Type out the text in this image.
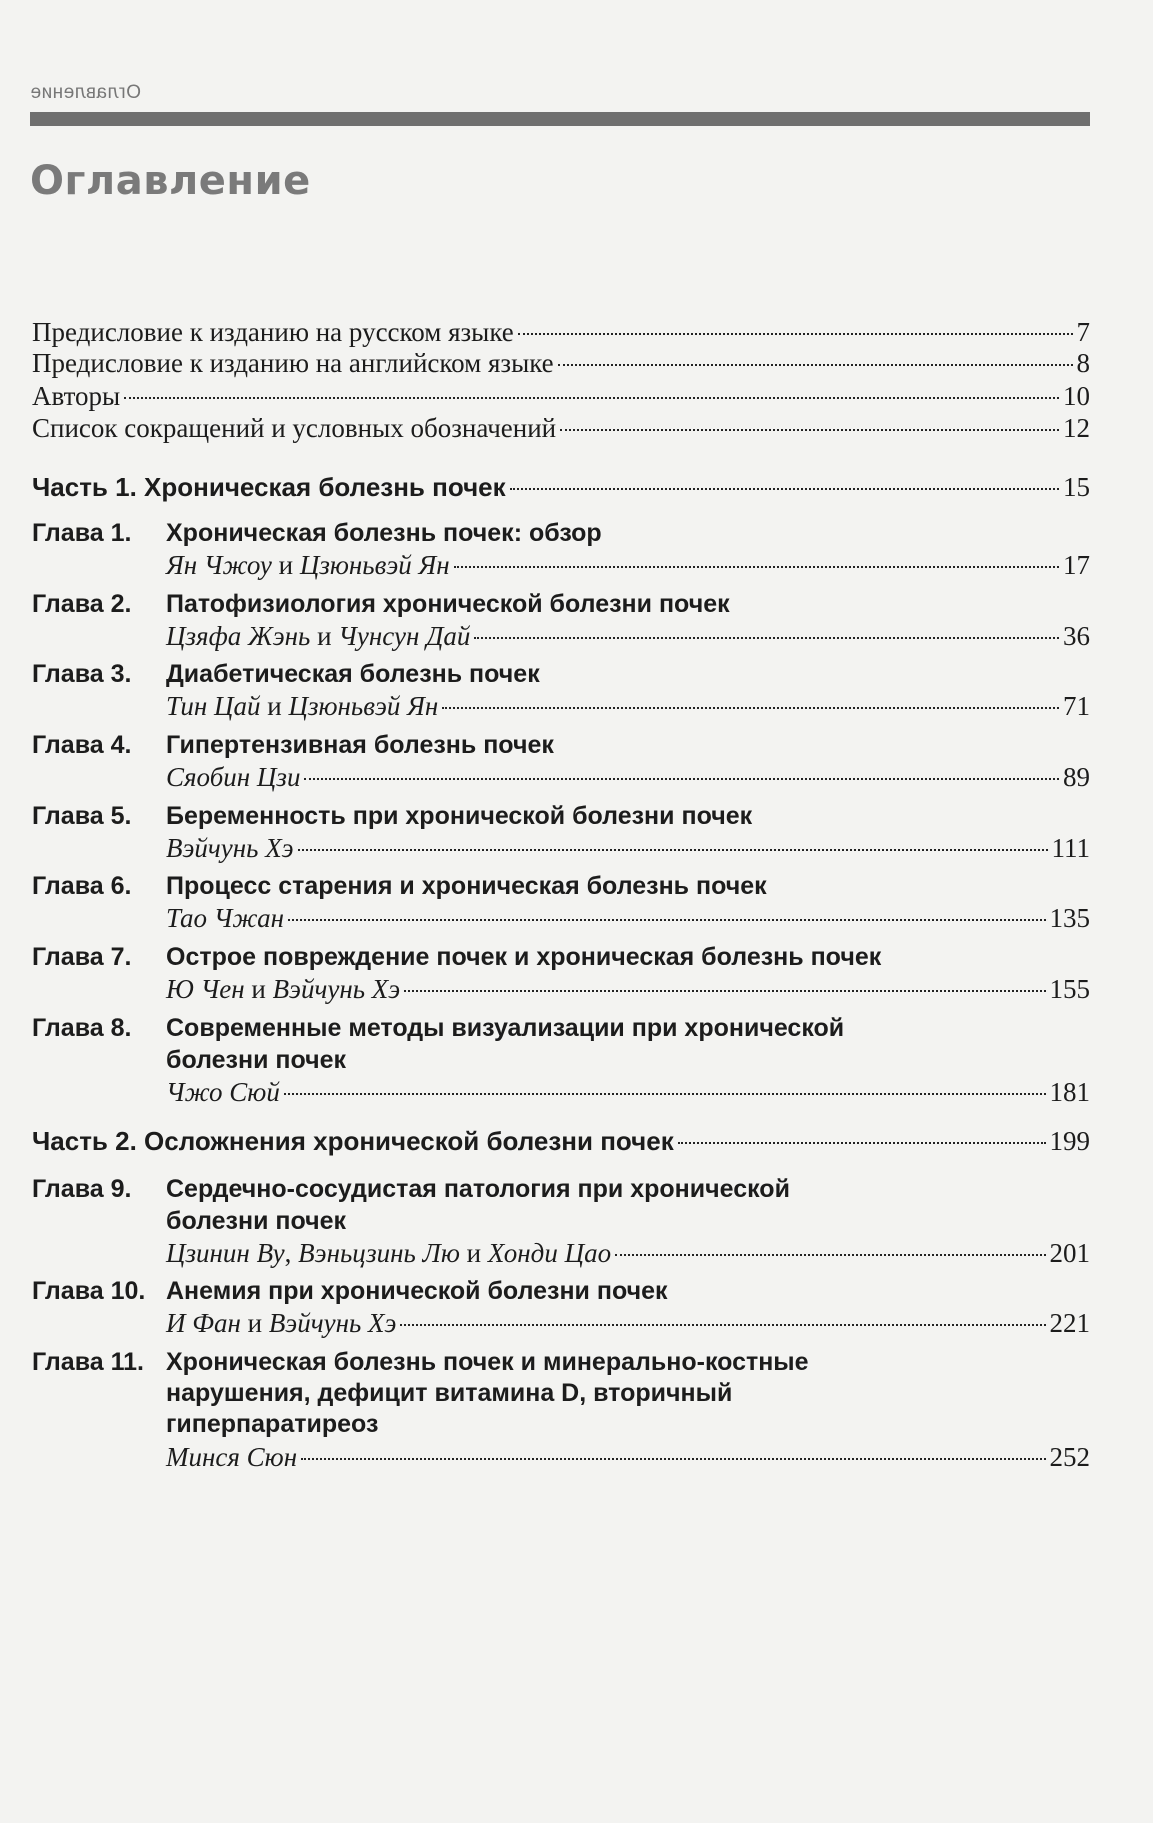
Оглавление
Оглавление
Предисловие к изданию на русском языке	7
Предисловие к изданию на английском языке	8
Авторы	10
Список сокращений и условных обозначений	12
Часть 1. Хроническая болезнь почек	15
Глава 1. Хроническая болезнь почек: обзор
Ян Чжоу и Цзюньвэй Ян	17
Глава 2. Патофизиология хронической болезни почек
Цзяфа Жэнь и Чунсун Дай	36
Глава 3. Диабетическая болезнь почек
Тин Цай и Цзюньвэй Ян	71
Глава 4. Гипертензивная болезнь почек
Сяобин Цзи	89
Глава 5. Беременность при хронической болезни почек
Вэйчунь Хэ	111
Глава 6. Процесс старения и хроническая болезнь почек
Тао Чжан	135
Глава 7. Острое повреждение почек и хроническая болезнь почек
Ю Чен и Вэйчунь Хэ	155
Глава 8. Современные методы визуализации при хронической
болезни почек
Чжо Сюй	181
Часть 2. Осложнения хронической болезни почек	199
Глава 9. Сердечно-сосудистая патология при хронической
болезни почек
Цзинин Ву, Вэньцзинь Лю и Хонди Цао	201
Глава 10. Анемия при хронической болезни почек
И Фан и Вэйчунь Хэ	221
Глава 11. Хроническая болезнь почек и минерально-костные
нарушения, дефицит витамина D, вторичный
гиперпаратиреоз
Минся Сюн	252
